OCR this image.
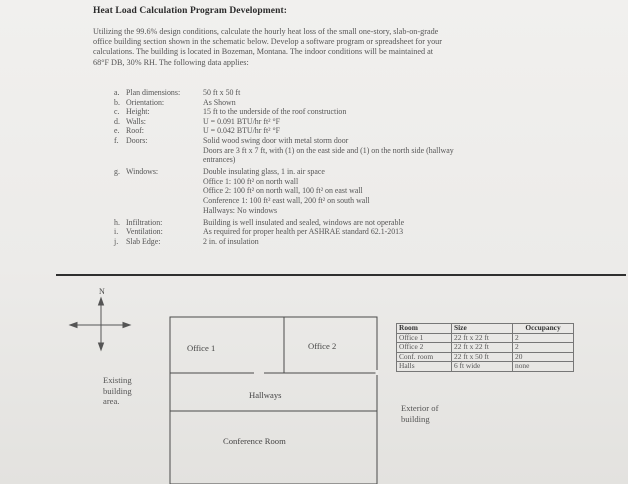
Heat Load Calculation Program Development:

Utilizing the 99.6% design conditions, calculate the hourly heat loss of the small one-story, slab-on-grade

office building section shown in the schematic below. Develop a software program or spreadsheet for your

calculations. The building is located in Bozeman, Montana. The indoor conditions will be maintained at

68°F DB, 30% RH. The following data applies:

a. Plan dimensions:	50 ft x 50 ft
b. Orientation:	As Shown
c. Height:	15 ft to the underside of the roof construction
d. Walls:	U = 0.091 BTU/hr ft² °F
e. Roof:	U = 0.042 BTU/hr ft² °F
f. Doors:	Solid wood swing door with metal storm door
Doors are 3 ft x 7 ft, with (1) on the east side and (1) on the north side (hallway
entrances)
g. Windows:	Double insulating glass, 1 in. air space
Office 1: 100 ft² on north wall
Office 2: 100 ft² on north wall, 100 ft² on east wall
Conference 1: 100 ft² east wall, 200 ft² on south wall
Hallways: No windows
h. Infiltration:	Building is well insulated and sealed, windows are not operable
i. Ventilation:	As required for proper health per ASHRAE standard 62.1-2013
j. Slab Edge:	2 in. of insulation
N
Office 1	Office 2
Hallways
Conference Room
Existing
building
area.
Exterior of
building
Room	Size	Occupancy
Office 1	22 ft x 22 ft	2
Office 2	22 ft x 22 ft	2
Conf. room	22 ft x 50 ft	20
Halls	6 ft wide	none
